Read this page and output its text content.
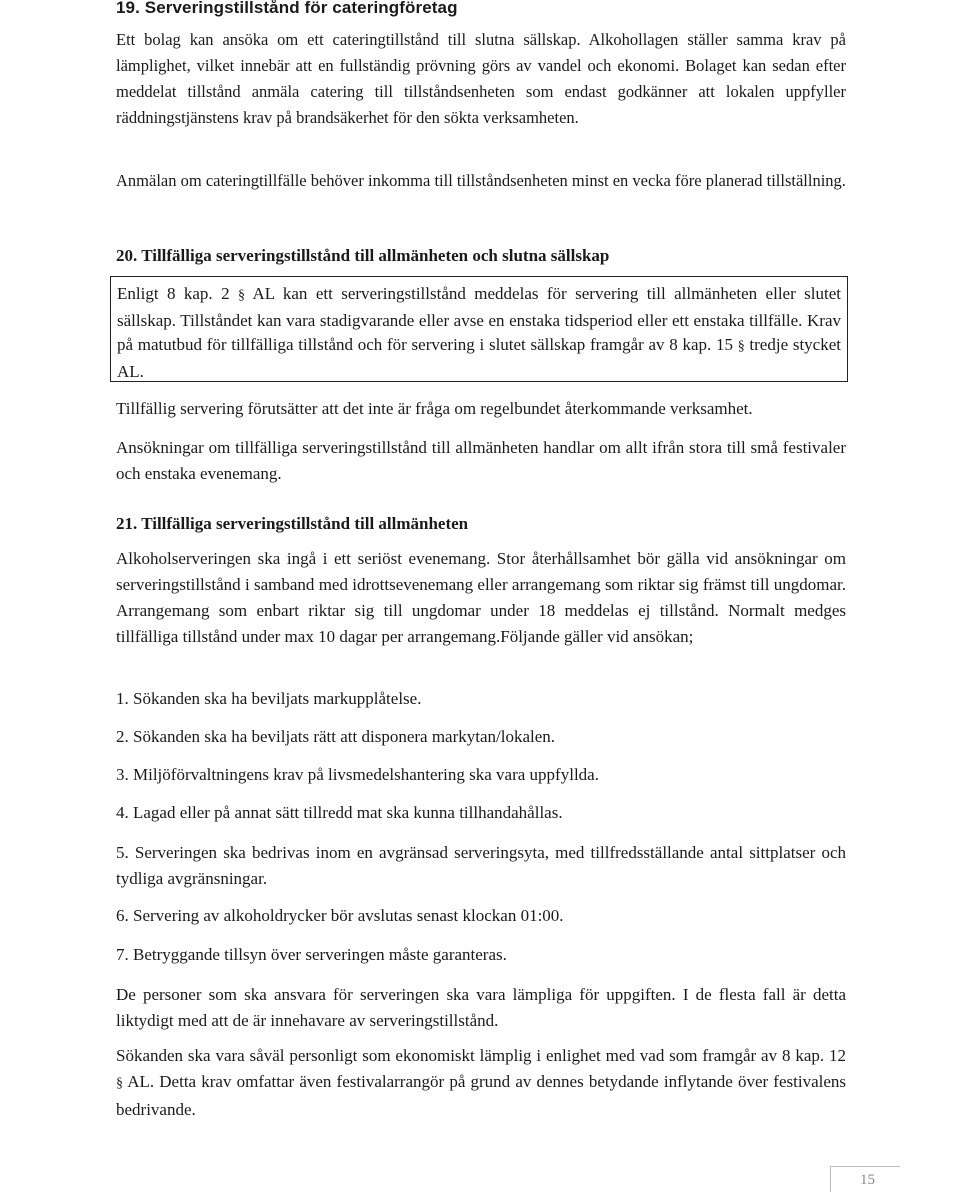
19. Serveringstillstånd för cateringföretag

Ett bolag kan ansöka om ett cateringtillstånd till slutna sällskap. Alkohollagen ställer samma krav på lämplighet, vilket innebär att en fullständig prövning görs av vandel och ekonomi. Bolaget kan sedan efter meddelat tillstånd anmäla catering till tillståndsenheten som endast godkänner att lokalen uppfyller räddningstjänstens krav på brandsäkerhet för den sökta verksamheten.

Anmälan om cateringtillfälle behöver inkomma till tillståndsenheten minst en vecka före planerad tillställning.

20. Tillfälliga serveringstillstånd till allmänheten och slutna sällskap

Enligt 8 kap. 2 § AL kan ett serveringstillstånd meddelas för servering till allmänheten eller slutet sällskap. Tillståndet kan vara stadigvarande eller avse en enstaka tidsperiod eller ett enstaka tillfälle. Krav på matutbud för tillfälliga tillstånd och för servering i slutet sällskap framgår av 8 kap. 15 § tredje stycket AL.

Tillfällig servering förutsätter att det inte är fråga om regelbundet återkommande verksamhet.

Ansökningar om tillfälliga serveringstillstånd till allmänheten handlar om allt ifrån stora till små festivaler och enstaka evenemang.

21. Tillfälliga serveringstillstånd till allmänheten

Alkoholserveringen ska ingå i ett seriöst evenemang. Stor återhållsamhet bör gälla vid ansökningar om serveringstillstånd i samband med idrottsevenemang eller arrangemang som riktar sig främst till ungdomar. Arrangemang som enbart riktar sig till ungdomar under 18 meddelas ej tillstånd. Normalt medges tillfälliga tillstånd under max 10 dagar per arrangemang.Följande gäller vid ansökan;

1. Sökanden ska ha beviljats markupplåtelse.

2. Sökanden ska ha beviljats rätt att disponera markytan/lokalen.

3. Miljöförvaltningens krav på livsmedelshantering ska vara uppfyllda.

4. Lagad eller på annat sätt tillredd mat ska kunna tillhandahållas.

5. Serveringen ska bedrivas inom en avgränsad serveringsyta, med tillfredsställande antal sittplatser och tydliga avgränsningar.

6. Servering av alkoholdrycker bör avslutas senast klockan 01:00.

7. Betryggande tillsyn över serveringen måste garanteras.

De personer som ska ansvara för serveringen ska vara lämpliga för uppgiften. I de flesta fall är detta liktydigt med att de är innehavare av serveringstillstånd.

Sökanden ska vara såväl personligt som ekonomiskt lämplig i enlighet med vad som framgår av 8 kap. 12 § AL. Detta krav omfattar även festivalarrangör på grund av dennes betydande inflytande över festivalens bedrivande.

15
